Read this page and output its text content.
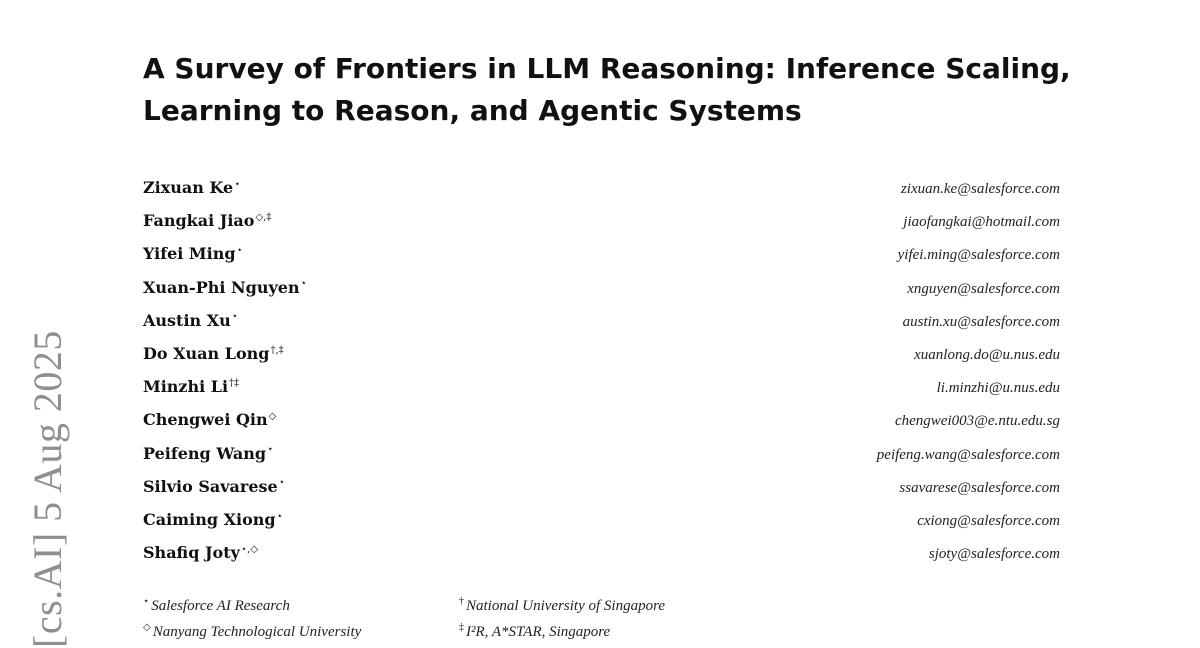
[cs.AI] 5 Aug 2025
A Survey of Frontiers in LLM Reasoning: Inference Scaling, Learning to Reason, and Agentic Systems
Zixuan Ke⋆	zixuan.ke@salesforce.com
Fangkai Jiao◇,‡	jiaofangkai@hotmail.com
Yifei Ming⋆	yifei.ming@salesforce.com
Xuan-Phi Nguyen⋆	xnguyen@salesforce.com
Austin Xu⋆	austin.xu@salesforce.com
Do Xuan Long†,‡	xuanlong.do@u.nus.edu
Minzhi Li†‡	li.minzhi@u.nus.edu
Chengwei Qin◇	chengwei003@e.ntu.edu.sg
Peifeng Wang⋆	peifeng.wang@salesforce.com
Silvio Savarese⋆	ssavarese@salesforce.com
Caiming Xiong⋆	cxiong@salesforce.com
Shafiq Joty⋆,◇	sjoty@salesforce.com
⋆ Salesforce AI Research
◇ Nanyang Technological University
† National University of Singapore
‡ I²R, A*STAR, Singapore
